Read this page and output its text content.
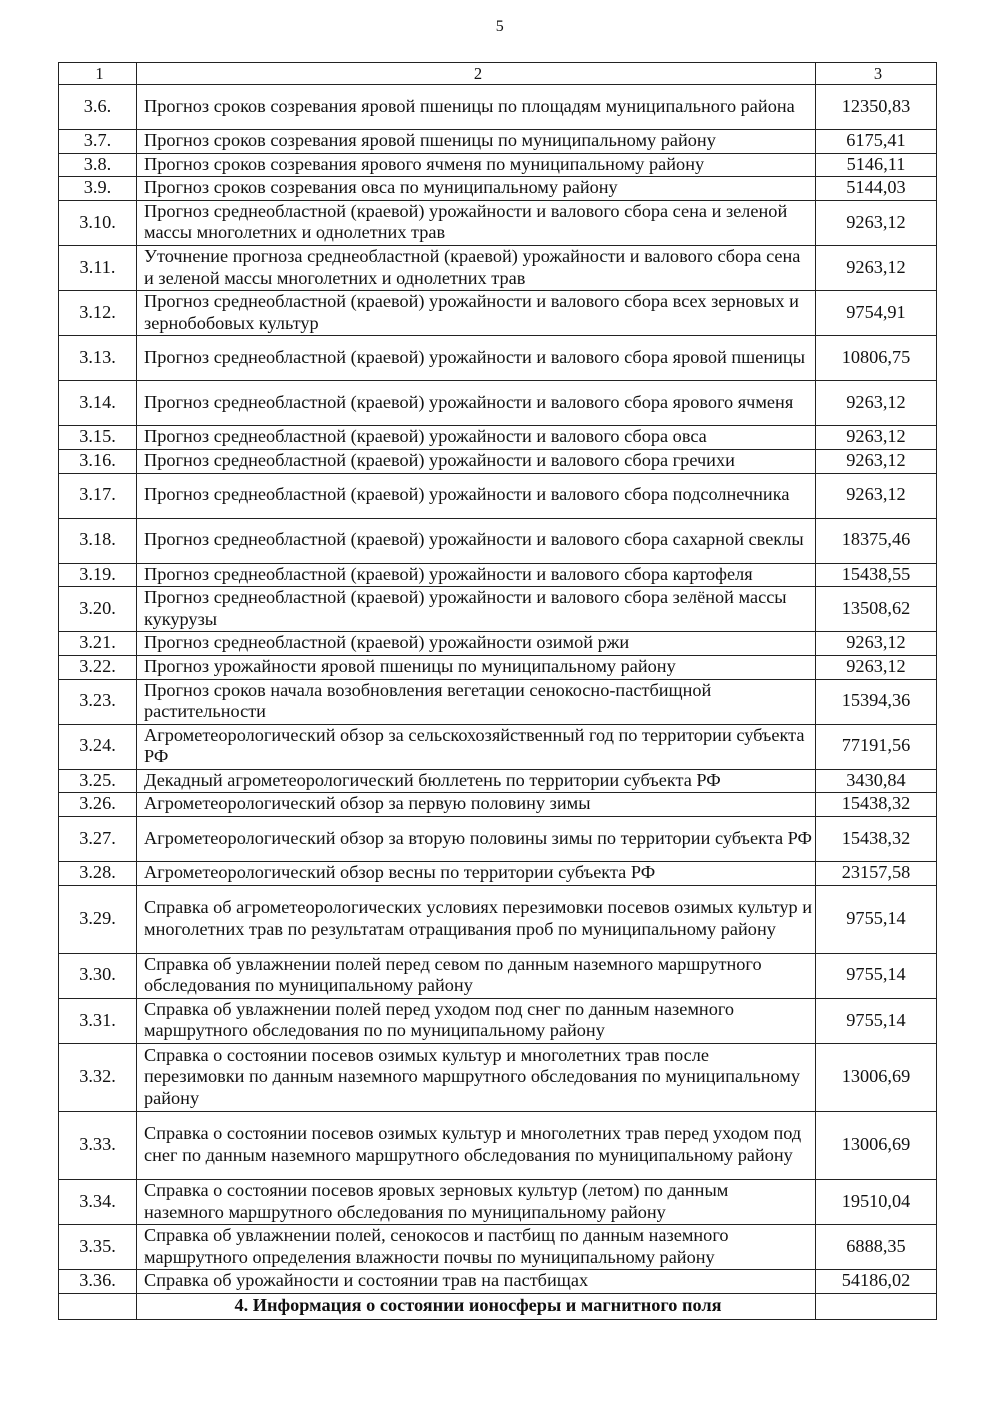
5
1	2	3
3.6.	Прогноз сроков созревания яровой пшеницы по площадям муниципального района	12350,83
3.7.	Прогноз сроков созревания яровой пшеницы по муниципальному району	6175,41
3.8.	Прогноз сроков созревания ярового ячменя по муниципальному району	5146,11
3.9.	Прогноз сроков созревания овса по муниципальному району	5144,03
3.10.	Прогноз среднеобластной (краевой) урожайности и валового сбора сена и зеленой массы многолетних и однолетних трав	9263,12
3.11.	Уточнение прогноза среднеобластной (краевой) урожайности и валового сбора сена и зеленой массы многолетних и однолетних трав	9263,12
3.12.	Прогноз среднеобластной (краевой) урожайности и валового сбора всех зерновых и зернобобовых культур	9754,91
3.13.	Прогноз среднеобластной (краевой) урожайности и валового сбора яровой пшеницы	10806,75
3.14.	Прогноз среднеобластной (краевой) урожайности и валового сбора ярового ячменя	9263,12
3.15.	Прогноз среднеобластной (краевой) урожайности и валового сбора овса	9263,12
3.16.	Прогноз среднеобластной (краевой) урожайности и валового сбора гречихи	9263,12
3.17.	Прогноз среднеобластной (краевой) урожайности и валового сбора подсолнечника	9263,12
3.18.	Прогноз среднеобластной (краевой) урожайности и валового сбора сахарной свеклы	18375,46
3.19.	Прогноз среднеобластной (краевой) урожайности и валового сбора картофеля	15438,55
3.20.	Прогноз среднеобластной (краевой) урожайности и валового сбора зелёной массы кукурузы	13508,62
3.21.	Прогноз среднеобластной (краевой) урожайности озимой ржи	9263,12
3.22.	Прогноз урожайности яровой пшеницы по муниципальному району	9263,12
3.23.	Прогноз сроков начала возобновления вегетации сенокосно-пастбищной растительности	15394,36
3.24.	Агрометеорологический обзор за сельскохозяйственный год по территории субъекта РФ	77191,56
3.25.	Декадный агрометеорологический бюллетень по территории субъекта РФ	3430,84
3.26.	Агрометеорологический обзор за первую половину зимы	15438,32
3.27.	Агрометеорологический обзор за вторую половины зимы по территории субъекта РФ	15438,32
3.28.	Агрометеорологический обзор весны по территории субъекта РФ	23157,58
3.29.	Справка об агрометеорологических условиях перезимовки посевов озимых культур и многолетних трав по результатам отращивания проб по муниципальному району	9755,14
3.30.	Справка об увлажнении полей перед севом по данным наземного маршрутного обследования по муниципальному району	9755,14
3.31.	Справка об увлажнении полей перед уходом под снег по данным наземного маршрутного обследования по по муниципальному району	9755,14
3.32.	Справка о состоянии посевов озимых культур и многолетних трав после перезимовки по данным наземного маршрутного обследования по муниципальному району	13006,69
3.33.	Справка о состоянии посевов озимых культур и многолетних трав перед уходом под снег по данным наземного маршрутного обследования по муниципальному району	13006,69
3.34.	Справка о состоянии посевов яровых зерновых культур (летом) по данным наземного маршрутного обследования по муниципальному району	19510,04
3.35.	Справка об увлажнении полей, сенокосов и пастбищ по данным наземного маршрутного определения влажности почвы по муниципальному району	6888,35
3.36.	Справка об урожайности и состоянии трав на пастбищах	54186,02
	4. Информация о состоянии ионосферы и магнитного поля	
